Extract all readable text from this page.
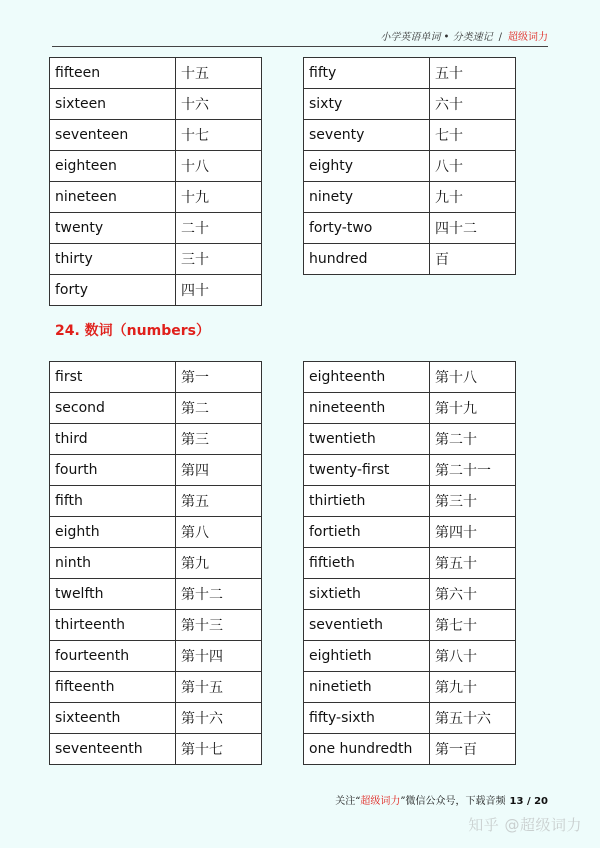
小学英语单词 • 分类速记 / 超级词力
fifteen	十五
sixteen	十六
seventeen	十七
eighteen	十八
nineteen	十九
twenty	二十
thirty	三十
forty	四十
fifty	五十
sixty	六十
seventy	七十
eighty	八十
ninety	九十
forty-two	四十二
hundred	百
24. 数词（numbers）
first	第一
second	第二
third	第三
fourth	第四
fifth	第五
eighth	第八
ninth	第九
twelfth	第十二
thirteenth	第十三
fourteenth	第十四
fifteenth	第十五
sixteenth	第十六
seventeenth	第十七
eighteenth	第十八
nineteenth	第十九
twentieth	第二十
twenty-first	第二十一
thirtieth	第三十
fortieth	第四十
fiftieth	第五十
sixtieth	第六十
seventieth	第七十
eightieth	第八十
ninetieth	第九十
fifty-sixth	第五十六
one hundredth	第一百
关注“超级词力”微信公众号，下载音频 13 / 20
知乎 @超级词力
